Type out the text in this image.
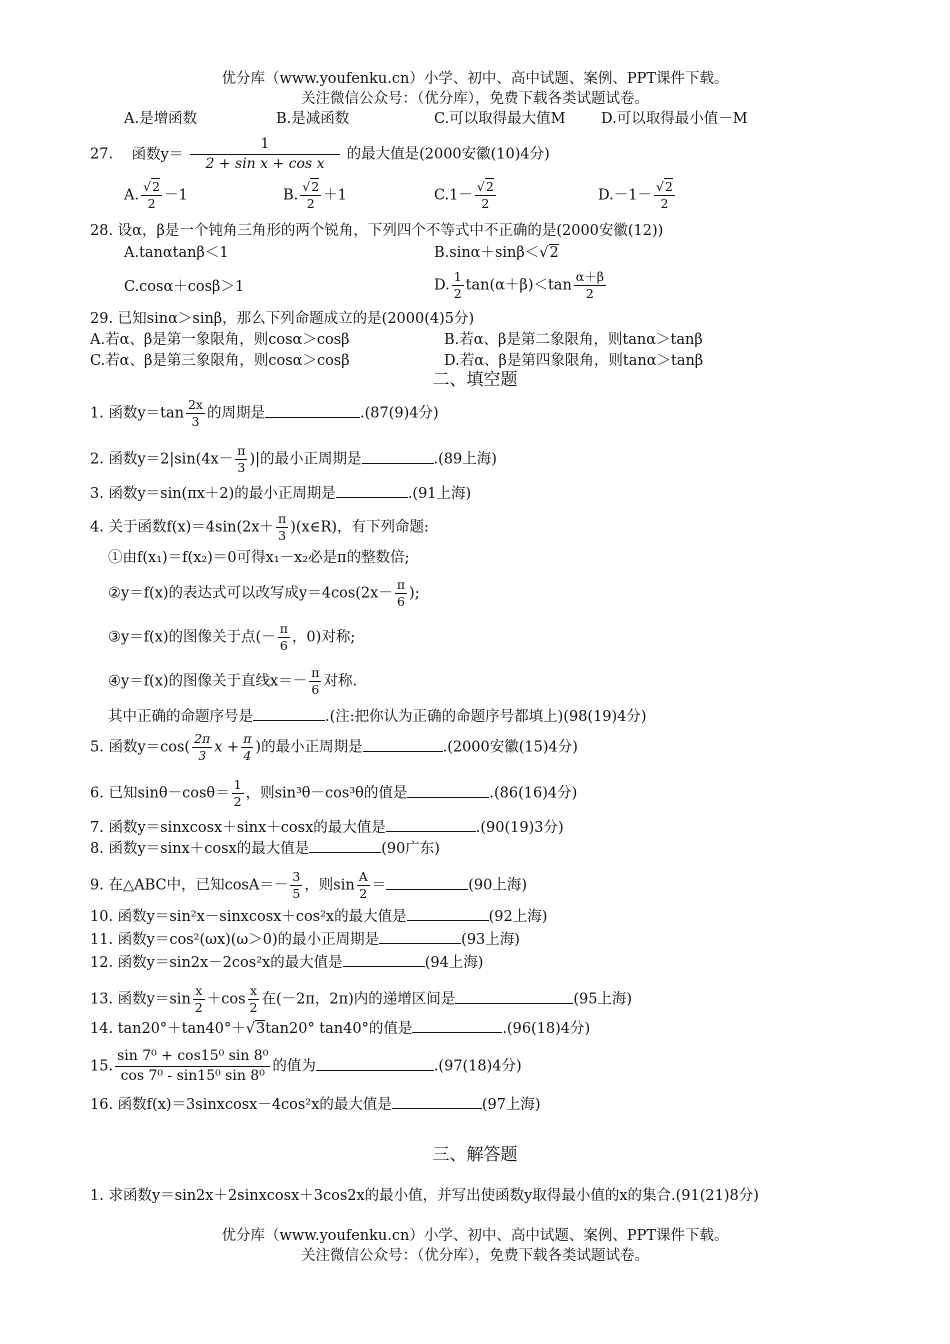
优分库（www.youfenku.cn）小学、初中、高中试题、案例、PPT课件下载。
关注微信公众号：（优分库），免费下载各类试题试卷。
A.是增函数	B.是减函数	C.可以取得最大值M D.可以取得最小值－M
27. 函数$y= \frac{1}{\text{2 + sin x + cos x}}$ 的最大值是(2000安徽(10)4分)
A. $\frac{√2}{2} -1$	B. $\frac{√2}{2} +1$	$C.1- \frac{√2}{2}$	$D.-1- \frac{√2}{2}$
28. 设α，β是一个钝角三角形的两个锐角，下列四个不等式中不正确的是(2000安徽(12))
A.tanαtanβ＜1	B.sinα＋sinβ＜√2
C.cosα＋cosβ＞1	D. $\frac{1}{2} \tan(\alpha+\beta)<\tan \frac{\alpha+\beta}{2}$
29. 已知sinα＞sinβ，那么下列命题成立的是(2000(4)5分)
A.若α、β是第一象限角，则cosα＞cosβ	B.若α、β是第二象限角，则tanα＞tanβ
C.若α、β是第三象限角，则cosα＞cosβ	D.若α、β是第四象限角，则tanα＞tanβ
二、填空题
1. 函数$y=\tan \frac{2x}{3}$ 的周期是	.(87(9)4分)
2. 函数$y=2|\sin(4x- \frac{\pi}{3}$ )|的最小正周期是	.(89上海)
3. 函数y＝sin(πx＋2)的最小正周期是	.(91上海)
4. 关于函数$f(x)=4\sin(2x+ \frac{\pi}{3}$ )(x∈R)，有下列命题:
①由f(x₁)＝f(x₂)＝0可得x₁－x₂必是π的整数倍;
②y＝f(x)的表达式可以改写成$y=4\cos(2x- \frac{\pi}{6}$ );
③y＝f(x)的图像关于点(－ $\frac{\pi}{6}$ ，0)对称;
④y＝f(x)的图像关于直线$x=- \frac{\pi}{6}$ 对称.
其中正确的命题序号是	.(注:把你认为正确的命题序号都填上)(98(19)4分)
5. 函数$y=\cos( \frac{2\pi}{3}$ $x + \frac{\pi}{4}$ )的最小正周期是	.(2000安徽(15)4分)
6. 已知$\sin\theta-\cos\theta= \frac{1}{2}$ ，则sin³θ－cos³θ的值是	.(86(16)4分)
7. 函数y＝sinxcosx＋sinx＋cosx的最大值是	.(90(19)3分)
8. 函数y＝sinx＋cosx的最大值是	(90广东)
9. 在△ABC中，已知$\cos A=- \frac{3}{5}$ ，则$\sin \frac{A}{2}$ ＝	(90上海)
10. 函数y＝sin²x－sinxcosx＋cos²x的最大值是	(92上海)
11. 函数y＝cos²(ωx)(ω＞0)的最小正周期是	(93上海)
12. 函数y＝sin2x－2cos²x的最大值是	(94上海)
13. 函数$y=\sin \frac{x}{2} +\cos \frac{x}{2}$ 在(－2π，2π)内的递增区间是	(95上海)
14. tan20°＋tan40°＋√3tan20° tan40°的值是	.(96(18)4分)
15. $\frac{\text{sin 7⁰ + cos15⁰ sin 8⁰}}{\text{cos 7⁰ - sin15⁰ sin 8⁰}}$ 的值为	.(97(18)4分)
16. 函数f(x)＝3sinxcosx－4cos²x的最大值是	(97上海)
三、解答题
1. 求函数y＝sin2x＋2sinxcosx＋3cos2x的最小值，并写出使函数y取得最小值的x的集合.(91(21)8分)
优分库（www.youfenku.cn）小学、初中、高中试题、案例、PPT课件下载。
关注微信公众号：（优分库），免费下载各类试题试卷。
